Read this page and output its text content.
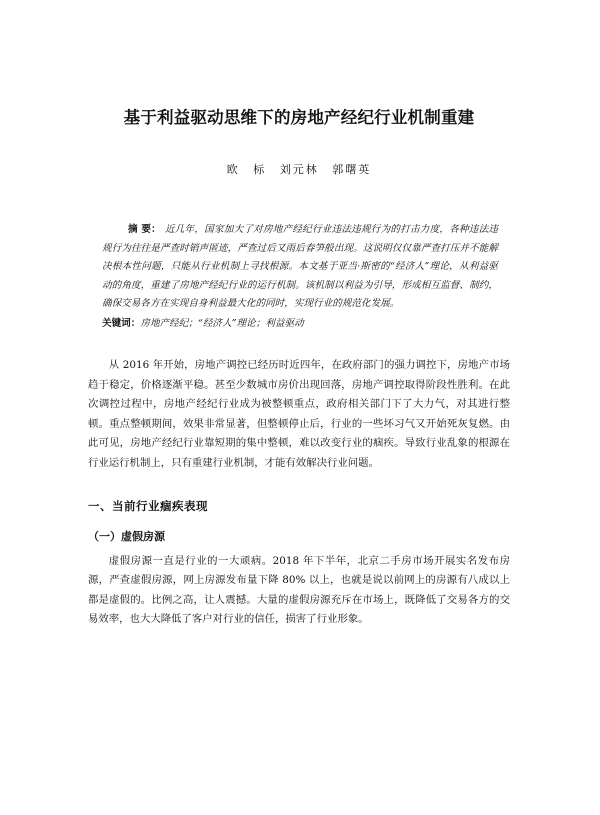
基于利益驱动思维下的房地产经纪行业机制重建
欧 标 刘元林 郭曙英
摘 要： 近几年，国家加大了对房地产经纪行业违法违规行为的打击力度，各种违法违规行为往往是严查时销声匿迹，严查过后又雨后春笋般出现。这说明仅仅靠严查打压并不能解决根本性问题，只能从行业机制上寻找根源。本文基于亚当·斯密的“经济人”理论，从利益驱动的角度，重建了房地产经纪行业的运行机制。该机制以利益为引导，形成相互监督、制约，确保交易各方在实现自身利益最大化的同时，实现行业的规范化发展。
关键词：房地产经纪；“经济人”理论；利益驱动
从 2016 年开始，房地产调控已经历时近四年，在政府部门的强力调控下，房地产市场趋于稳定，价格逐渐平稳。甚至少数城市房价出现回落，房地产调控取得阶段性胜利。在此次调控过程中，房地产经纪行业成为被整顿重点，政府相关部门下了大力气，对其进行整顿。重点整顿期间，效果非常显著，但整顿停止后，行业的一些坏习气又开始死灰复燃。由此可见，房地产经纪行业靠短期的集中整顿，难以改变行业的痼疾。导致行业乱象的根源在行业运行机制上，只有重建行业机制，才能有效解决行业问题。
一、当前行业痼疾表现
（一）虚假房源
虚假房源一直是行业的一大顽病。2018 年下半年，北京二手房市场开展实名发布房源，严查虚假房源，网上房源发布量下降 80% 以上，也就是说以前网上的房源有八成以上都是虚假的。比例之高，让人震撼。大量的虚假房源充斥在市场上，既降低了交易各方的交易效率，也大大降低了客户对行业的信任，损害了行业形象。
